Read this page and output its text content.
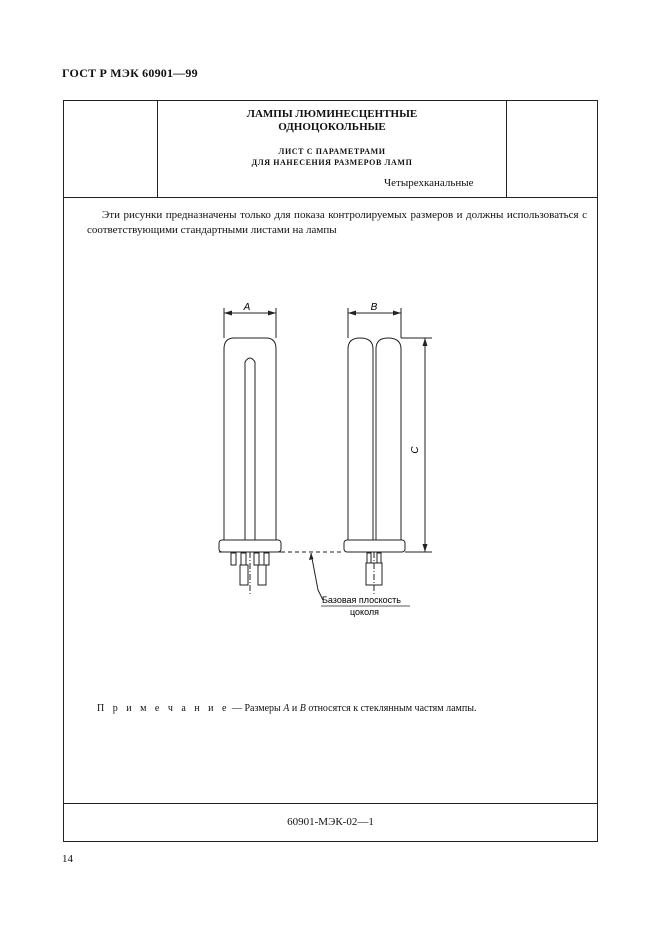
ГОСТ Р МЭК 60901—99
ЛАМПЫ ЛЮМИНЕСЦЕНТНЫЕ
ОДНОЦОКОЛЬНЫЕ
ЛИСТ С ПАРАМЕТРАМИ
ДЛЯ НАНЕСЕНИЯ РАЗМЕРОВ ЛАМП
Четырехканальные
Эти рисунки предназначены только для показа контролируемых размеров и должны использоваться с соответствующими стандартными листами на лампы
П р и м е ч а н и е — Размеры A и B относятся к стеклянным частям лампы.
60901-МЭК-02—1
A	B
C
Базовая плоскость
цоколя
14
